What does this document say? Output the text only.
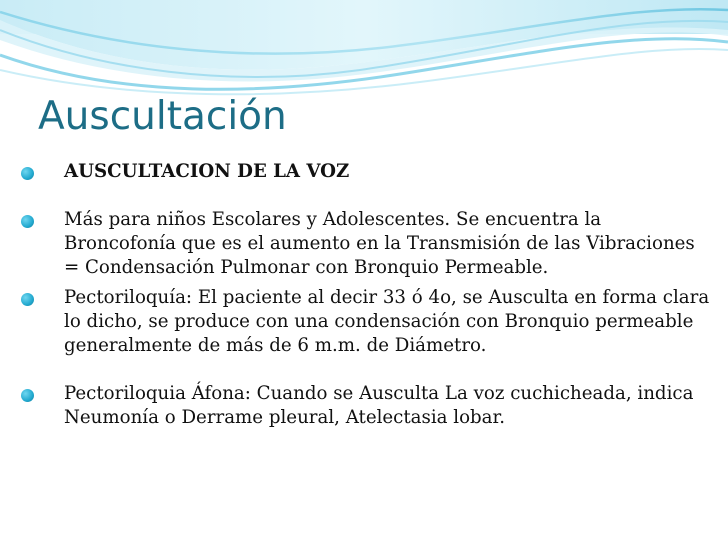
Auscultación
AUSCULTACION DE LA VOZ
Más para niños Escolares y Adolescentes. Se encuentra la Broncofonía que es el aumento en la Transmisión de las Vibraciones = Condensación Pulmonar con Bronquio Permeable.
Pectoriloquía: El paciente al decir 33 ó 4o, se Ausculta en forma clara lo dicho, se produce con una condensación con Bronquio permeable generalmente de más de 6 m.m. de Diámetro.
Pectoriloquia Áfona: Cuando se Ausculta La voz cuchicheada, indica Neumonía o Derrame pleural, Atelectasia lobar.
